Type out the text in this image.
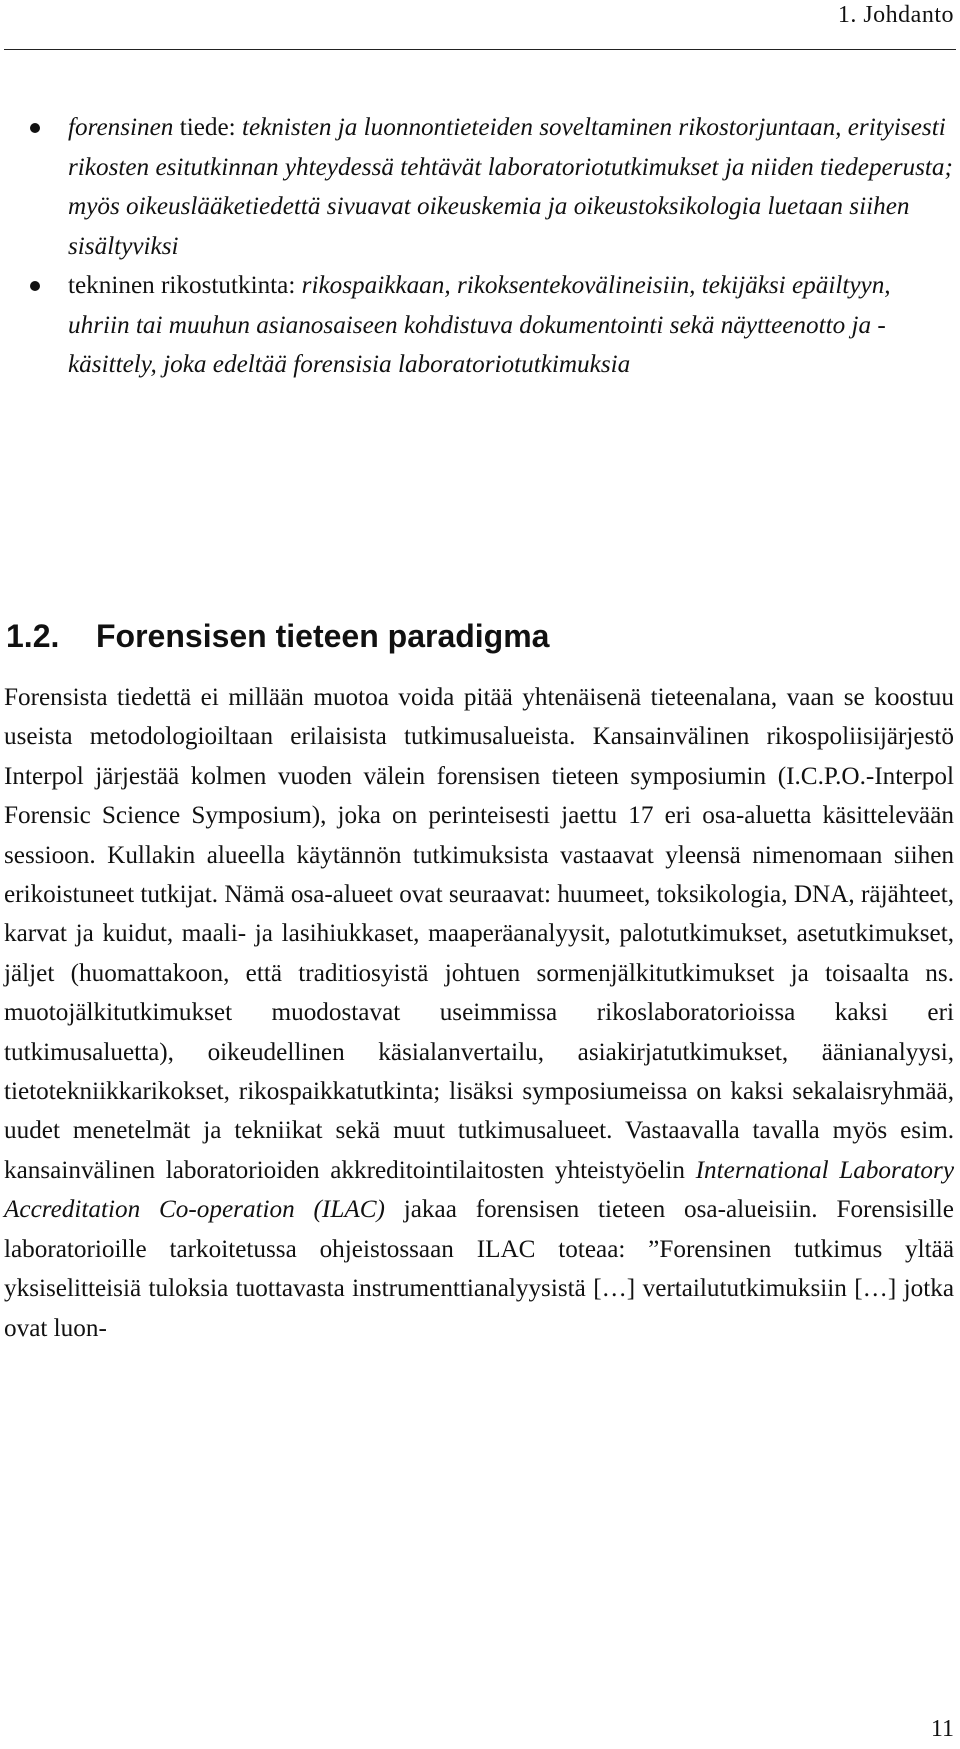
1. Johdanto
forensinen tiede: teknisten ja luonnontieteiden soveltaminen rikostorjuntaan, erityisesti rikosten esitutkinnan yhteydessä tehtävät laboratoriotutkimukset ja niiden tiedeperusta; myös oikeuslääketiedettä sivuavat oikeuskemia ja oikeustoksikologia luetaan siihen sisältyviksi
tekninen rikostutkinta: rikospaikkaan, rikoksentekovälineisiin, tekijäksi epäiltyyn, uhriin tai muuhun asianosaiseen kohdistuva dokumentointi sekä näytteenotto ja -käsittely, joka edeltää forensisia laboratoriotutkimuksia
1.2. Forensisen tieteen paradigma

Forensista tiedettä ei millään muotoa voida pitää yhtenäisenä tieteenalana, vaan se koostuu useista metodologioiltaan erilaisista tutkimusalueista. Kansainvälinen rikospoliisijärjestö Interpol järjestää kolmen vuoden välein forensisen tieteen symposiumin (I.C.P.O.-Interpol Forensic Science Symposium), joka on perinteisesti jaettu 17 eri osa-aluetta käsittelevään sessioon. Kullakin alueella käytännön tutkimuksista vastaavat yleensä nimenomaan siihen erikoistuneet tutkijat. Nämä osa-alueet ovat seuraavat: huumeet, toksikologia, DNA, räjähteet, karvat ja kuidut, maali- ja lasihiukkaset, maaperäanalyysit, palotutkimukset, asetutkimukset, jäljet (huomattakoon, että traditiosyistä johtuen sormenjälkitutkimukset ja toisaalta ns. muotojälkitutkimukset muodostavat useimmissa rikoslaboratorioissa kaksi eri tutkimusaluetta), oikeudellinen käsialanvertailu, asiakirjatutkimukset, äänianalyysi, tietotekniikkarikokset, rikospaikkatutkinta; lisäksi symposiumeissa on kaksi sekalaisryhmää, uudet menetelmät ja tekniikat sekä muut tutkimusalueet. Vastaavalla tavalla myös esim. kansainvälinen laboratorioiden akkreditointilaitosten yhteistyöelin International Laboratory Accreditation Co-operation (ILAC) jakaa forensisen tieteen osa-alueisiin. Forensisille laboratorioille tarkoitetussa ohjeistossaan ILAC toteaa: ”Forensinen tutkimus yltää yksiselitteisiä tuloksia tuottavasta instrumenttianalyysistä […] vertailututkimuksiin […] jotka ovat luon-

11
